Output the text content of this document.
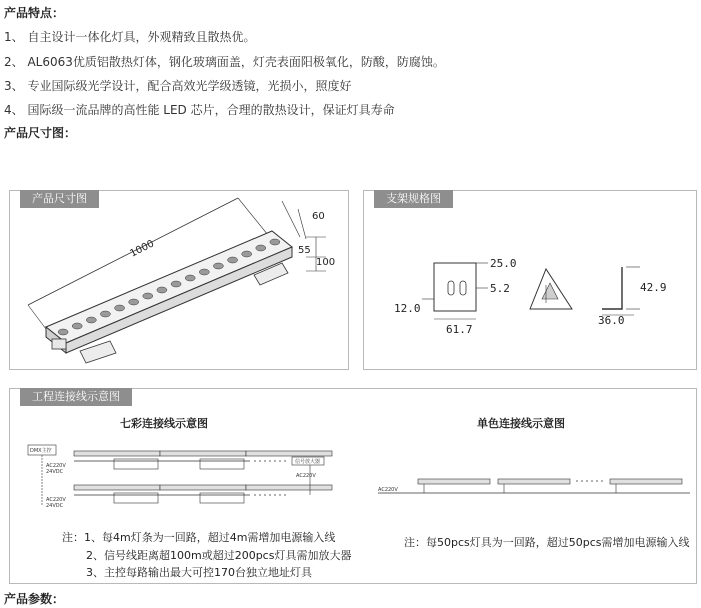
产品特点：
1、 自主设计一体化灯具，外观精致且散热优。
2、 AL6063优质铝散热灯体，钢化玻璃面盖，灯壳表面阳极氧化，防酸，防腐蚀。
3、 专业国际级光学设计，配合高效光学级透镜，光损小，照度好
4、 国际级一流品牌的高性能 LED 芯片，合理的散热设计，保证灯具寿命
产品尺寸图：
产品尺寸图
1000
60
55
100
支架规格图
25.0
5.2
12.0
61.7
42.9
36.0
工程连接线示意图
七彩连接线示意图	单色连接线示意图
DMX主控
AC220V
24VDC
AC220V
24VDC
信号放大器
AC220V
AC220V
注：1、每4m灯条为一回路，超过4m需增加电源输入线
2、信号线距离超100m或超过200pcs灯具需加放大器
3、主控每路输出最大可控170台独立地址灯具
注：每50pcs灯具为一回路，超过50pcs需增加电源输入线
产品参数：
